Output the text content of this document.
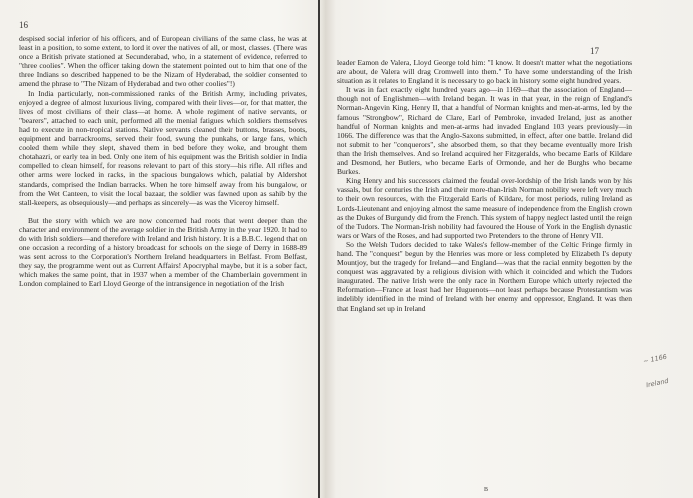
16

despised social inferior of his officers, and of European civilians of the same class, he was at least in a position, to some extent, to lord it over the natives of all, or most, classes. (There was once a British private stationed at Secunderabad, who, in a statement of evidence, referred to "three coolies". When the officer taking down the statement pointed out to him that one of the three Indians so described happened to be the Nizam of Hyderabad, the soldier consented to amend the phrase to "The Nizam of Hyderabad and two other coolies"!)

In India particularly, non-commissioned ranks of the British Army, including privates, enjoyed a degree of almost luxurious living, compared with their lives—or, for that matter, the lives of most civilians of their class—at home. A whole regiment of native servants, or "bearers", attached to each unit, performed all the menial fatigues which soldiers themselves had to execute in non-tropical stations. Native servants cleaned their buttons, brasses, boots, equipment and barrackrooms, served their food, swung the punkahs, or large fans, which cooled them while they slept, shaved them in bed before they woke, and brought them chotahazri, or early tea in bed. Only one item of his equipment was the British soldier in India compelled to clean himself, for reasons relevant to part of this story—his rifle. All rifles and other arms were locked in racks, in the spacious bungalows which, palatial by Aldershot standards, comprised the Indian barracks. When he tore himself away from his bungalow, or from the Wet Canteen, to visit the local bazaar, the soldier was fawned upon as sahib by the stall-keepers, as obsequiously—and perhaps as sincerely—as was the Viceroy himself.

But the story with which we are now concerned had roots that went deeper than the character and environment of the average soldier in the British Army in the year 1920. It had to do with Irish soldiers—and therefore with Ireland and Irish history. It is a B.B.C. legend that on one occasion a recording of a history broadcast for schools on the siege of Derry in 1688-89 was sent across to the Corporation's Northern Ireland headquarters in Belfast. From Belfast, they say, the programme went out as Current Affairs! Apocryphal maybe, but it is a sober fact, which makes the same point, that in 1937 when a member of the Chamberlain government in London complained to Earl Lloyd George of the intransigence in negotiation of the Irish

17

leader Eamon de Valera, Lloyd George told him: "I know. It doesn't matter what the negotiations are about, de Valera will drag Cromwell into them." To have some understanding of the Irish situation as it relates to England it is necessary to go back in history some eight hundred years.

It was in fact exactly eight hundred years ago—in 1169—that the association of England—though not of Englishmen—with Ireland began. It was in that year, in the reign of England's Norman-Angevin King, Henry II, that a handful of Norman knights and men-at-arms, led by the famous "Strongbow", Richard de Clare, Earl of Pembroke, invaded Ireland, just as another handful of Norman knights and men-at-arms had invaded England 103 years previously—in 1066. The difference was that the Anglo-Saxons submitted, in effect, after one battle. Ireland did not submit to her "conquerors", she absorbed them, so that they became eventually more Irish than the Irish themselves. And so Ireland acquired her Fitzgeralds, who became Earls of Kildare and Desmond, her Butlers, who became Earls of Ormonde, and her de Burghs who became Burkes.

King Henry and his successors claimed the feudal over-lordship of the Irish lands won by his vassals, but for centuries the Irish and their more-than-Irish Norman nobility were left very much to their own resources, with the Fitzgerald Earls of Kildare, for most periods, ruling Ireland as Lords-Lieutenant and enjoying almost the same measure of independence from the English crown as the Dukes of Burgundy did from the French. This system of happy neglect lasted until the reign of the Tudors. The Norman-Irish nobility had favoured the House of York in the English dynastic wars or Wars of the Roses, and had supported two Pretenders to the throne of Henry VII.

So the Welsh Tudors decided to take Wales's fellow-member of the Celtic Fringe firmly in hand. The "conquest" begun by the Henries was more or less completed by Elizabeth I's deputy Mountjoy, but the tragedy for Ireland—and England—was that the racial enmity begotten by the conquest was aggravated by a religious division with which it coincided and which the Tudors inaugurated. The native Irish were the only race in Northern Europe which utterly rejected the Reformation—France at least had her Huguenots—not least perhaps because Protestantism was indelibly identified in the mind of Ireland with her enemy and oppressor, England. It was then that England set up in Ireland

~ 1166
Ireland
B
